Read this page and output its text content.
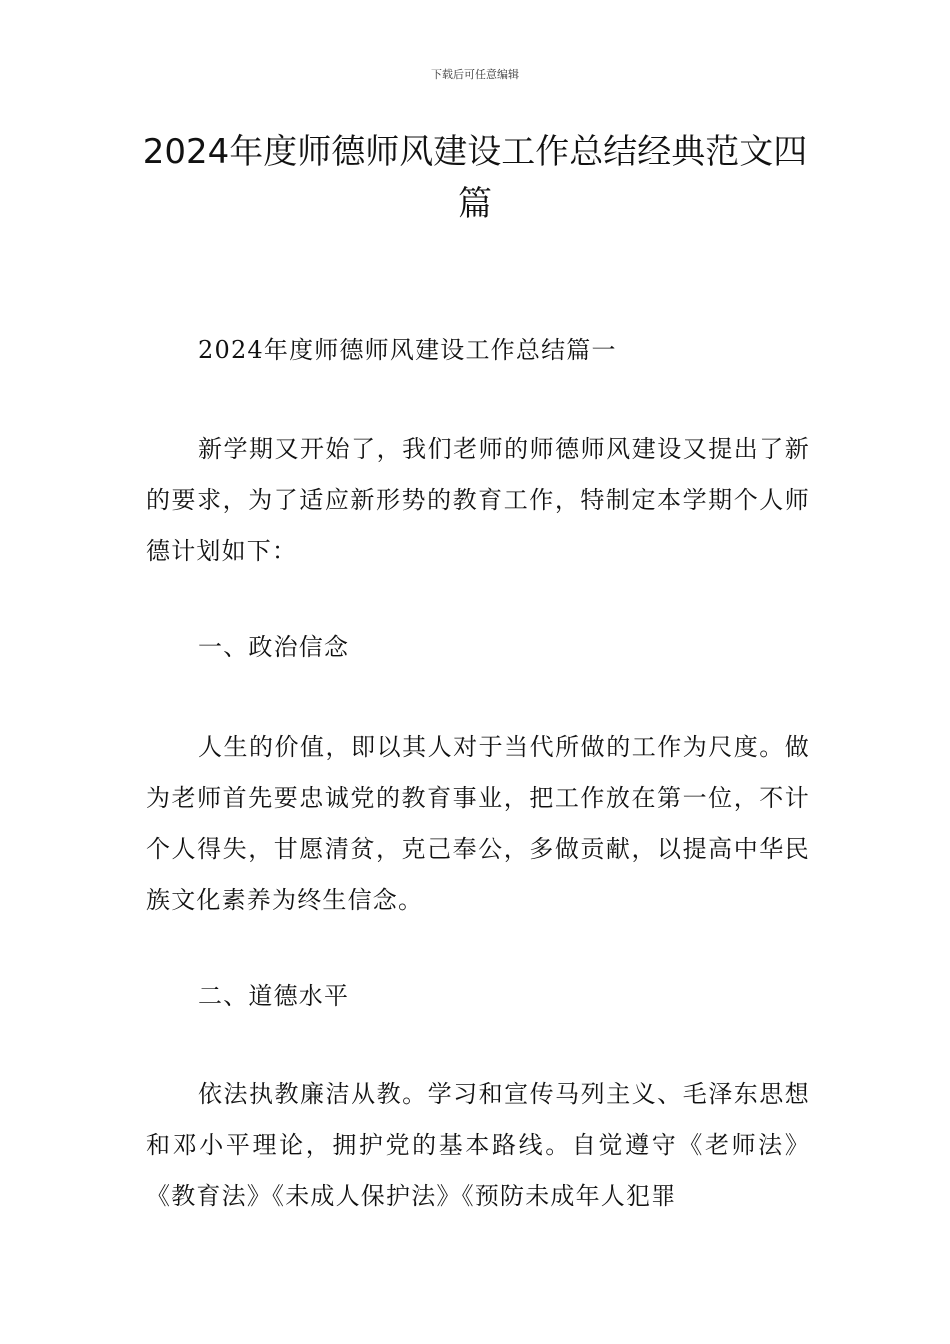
下载后可任意编辑
2024年度师德师风建设工作总结经典范文四篇

2024年度师德师风建设工作总结篇一

新学期又开始了，我们老师的师德师风建设又提出了新的要求，为了适应新形势的教育工作，特制定本学期个人师德计划如下：

一、政治信念

人生的价值，即以其人对于当代所做的工作为尺度。做为老师首先要忠诚党的教育事业，把工作放在第一位，不计个人得失，甘愿清贫，克己奉公，多做贡献，以提高中华民族文化素养为终生信念。

二、道德水平

依法执教廉洁从教。学习和宣传马列主义、毛泽东思想和邓小平理论，拥护党的基本路线。自觉遵守《老师法》《教育法》《未成人保护法》《预防未成年人犯罪
